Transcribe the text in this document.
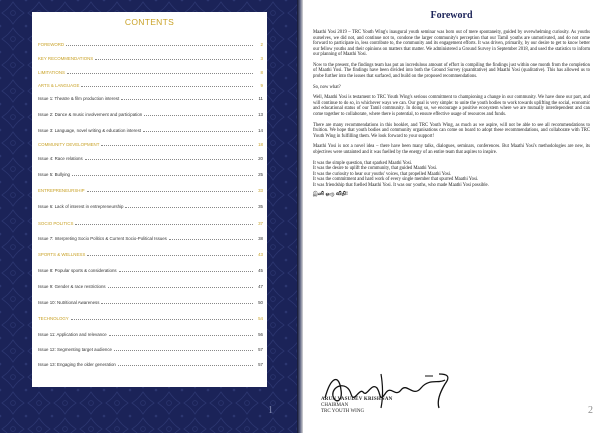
CONTENTS
FOREWORD	2
KEY RECOMMENDATIONS	3
LIMITATIONS	8
ARTS & LANGUAGE	9
Issue 1: Theatre & film production interest	11
Issue 2: Dance & music involvement and participation	13
Issue 3: Language, novel writing & education interest	14
COMMUNITY DEVELOPMENT	18
Issue 4: Race relations	20
Issue 5: Bullying	25
ENTREPRENEURSHIP	33
Issue 6: Lack of interest in entrepreneurship	35
SOCIO POLITICS	37
Issue 7: Interpreting Socio Politics & Current Socio-Political Issues	38
SPORTS & WELLNESS	43
Issue 8: Popular sports & considerations	45
Issue 9: Gender & race restrictions	47
Issue 10: Nutritional Awareness	50
TECHNOLOGY	54
Issue 11: Application and relevance	56
Issue 12: Segmenting target audience	57
Issue 13: Engaging the older generation	57
1
Foreword

Maathi Yosi 2019 – TRC Youth Wing's inaugural youth seminar was born out of mere spontaneity, guided by overwhelming curiosity. As youths ourselves, we did not, and continue not to, condone the larger community's perception that our Tamil youths are unmotivated, and do not come forward to participate in, less contribute to, the community and its engagement efforts. It was driven, primarily, by our desire to get to know better our fellow youths and their opinions on matters that matter. We administered a Ground Survey in September 2018, and used the statistics to inform our planning of Maathi Yosi.

Now to the present, the findings team has put an incredulous amount of effort in compiling the findings just within one month from the completion of Maathi Yosi. The findings have been divided into both the Ground Survey (quantitative) and Maathi Yosi (qualitative). This has allowed us to probe further into the issues that surfaced, and build on the proposed recommendations.

So, now what?

Well, Maathi Yosi is testament to TRC Youth Wing's serious commitment to championing a change in our community. We have done our part, and will continue to do so, in whichever ways we can. Our goal is very simple: to unite the youth bodies to work towards uplifting the social, economic and educational status of our Tamil community. In doing so, we encourage a positive ecosystem where we are mutually interdependent and can come together to collaborate, where there is potential, to ensure effective usage of resources and funds.

There are many recommendations in this booklet, and TRC Youth Wing, as much as we aspire, will not be able to see all recommendations to fruition. We hope that youth bodies and community organisations can come on board to adopt these recommendations, and collaborate with TRC Youth Wing in fulfilling them. We look forward to your support!

Maathi Yosi is not a novel idea – there have been many talks, dialogues, seminars, conferences. But Maathi Yosi's methodologies are new, its objectives were untainted and it was fuelled by the energy of an entire team that aspires to inspire.

It was the simple question, that sparked Maathi Yosi.

It was the desire to uplift the community, that guided Maathi Yosi.

It was the curiosity to hear our youths' voices, that propelled Maathi Yosi.

It was the commitment and hard work of every single member that spurred Maathi Yosi.

It was friendship that fuelled Maathi Yosi. It was our youths, who made Maathi Yosi possible.

இனி ஒரு விதி!
ARUN VASUDEV KRISHNAN
CHAIRMAN
TRC YOUTH WING	2
